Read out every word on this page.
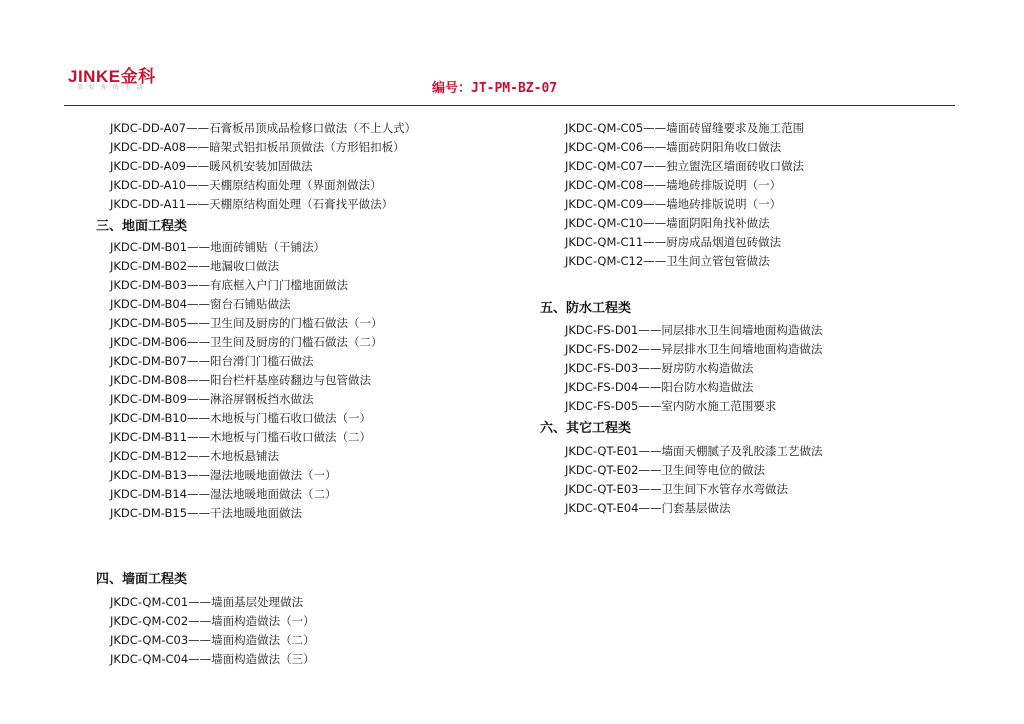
JINKE金科
美 好 你 的 生 活	编号：JT-PM-BZ-07
JKDC-DD-A07——石膏板吊顶成品检修口做法（不上人式）
JKDC-DD-A08——暗架式铝扣板吊顶做法（方形铝扣板）
JKDC-DD-A09——暖风机安装加固做法
JKDC-DD-A10——天棚原结构面处理（界面剂做法）
JKDC-DD-A11——天棚原结构面处理（石膏找平做法）
三、地面工程类
JKDC-DM-B01——地面砖铺贴（干铺法）
JKDC-DM-B02——地漏收口做法
JKDC-DM-B03——有底框入户门门槛地面做法
JKDC-DM-B04——窗台石铺贴做法
JKDC-DM-B05——卫生间及厨房的门槛石做法（一）
JKDC-DM-B06——卫生间及厨房的门槛石做法（二）
JKDC-DM-B07——阳台滑门门槛石做法
JKDC-DM-B08——阳台栏杆基座砖翻边与包管做法
JKDC-DM-B09——淋浴屏钢板挡水做法
JKDC-DM-B10——木地板与门槛石收口做法（一）
JKDC-DM-B11——木地板与门槛石收口做法（二）
JKDC-DM-B12——木地板悬铺法
JKDC-DM-B13——湿法地暖地面做法（一）
JKDC-DM-B14——湿法地暖地面做法（二）
JKDC-DM-B15——干法地暖地面做法
四、墙面工程类
JKDC-QM-C01——墙面基层处理做法
JKDC-QM-C02——墙面构造做法（一）
JKDC-QM-C03——墙面构造做法（二）
JKDC-QM-C04——墙面构造做法（三）
JKDC-QM-C05——墙面砖留缝要求及施工范围
JKDC-QM-C06——墙面砖阴阳角收口做法
JKDC-QM-C07——独立盥洗区墙面砖收口做法
JKDC-QM-C08——墙地砖排版说明（一）
JKDC-QM-C09——墙地砖排版说明（一）
JKDC-QM-C10——墙面阴阳角找补做法
JKDC-QM-C11——厨房成品烟道包砖做法
JKDC-QM-C12——卫生间立管包管做法
五、防水工程类
JKDC-FS-D01——同层排水卫生间墙地面构造做法
JKDC-FS-D02——异层排水卫生间墙地面构造做法
JKDC-FS-D03——厨房防水构造做法
JKDC-FS-D04——阳台防水构造做法
JKDC-FS-D05——室内防水施工范围要求
六、其它工程类
JKDC-QT-E01——墙面天棚腻子及乳胶漆工艺做法
JKDC-QT-E02——卫生间等电位的做法
JKDC-QT-E03——卫生间下水管存水弯做法
JKDC-QT-E04——门套基层做法
